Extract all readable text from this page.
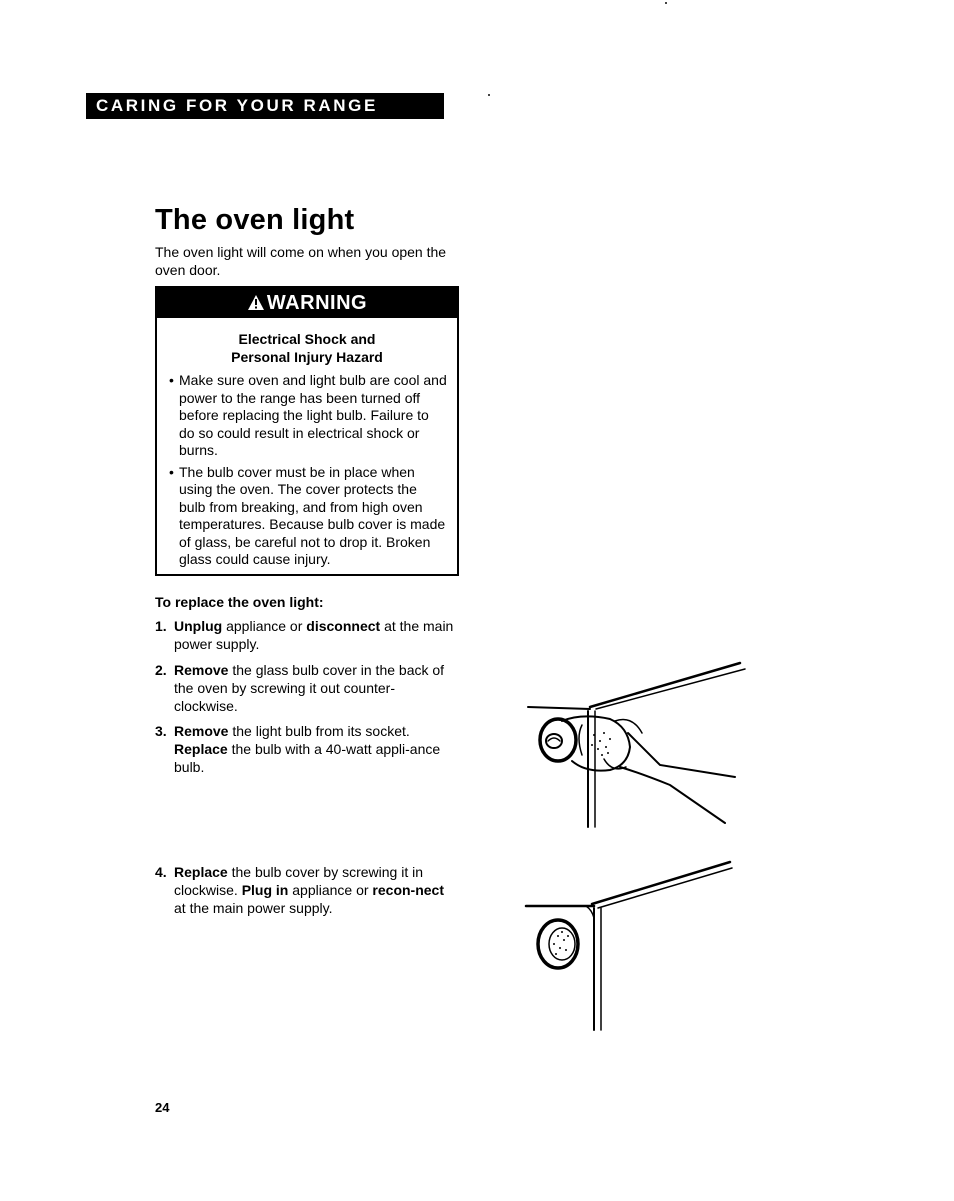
CARING FOR YOUR RANGE
The oven light

The oven light will come on when you open the oven door.

WARNING
Electrical Shock and
Personal Injury Hazard
• Make sure oven and light bulb are cool and power to the range has been turned off before replacing the light bulb. Failure to do so could result in electrical shock or burns.
• The bulb cover must be in place when using the oven. The cover protects the bulb from breaking, and from high oven temperatures. Because bulb cover is made of glass, be careful not to drop it. Broken glass could cause injury.

To replace the oven light:

1. Unplug appliance or disconnect at the main power supply.

2. Remove the glass bulb cover in the back of the oven by screwing it out counter-clockwise.

3. Remove the light bulb from its socket. Replace the bulb with a 40-watt appli-ance bulb.

4. Replace the bulb cover by screwing it in clockwise. Plug in appliance or recon-nect at the main power supply.

24
